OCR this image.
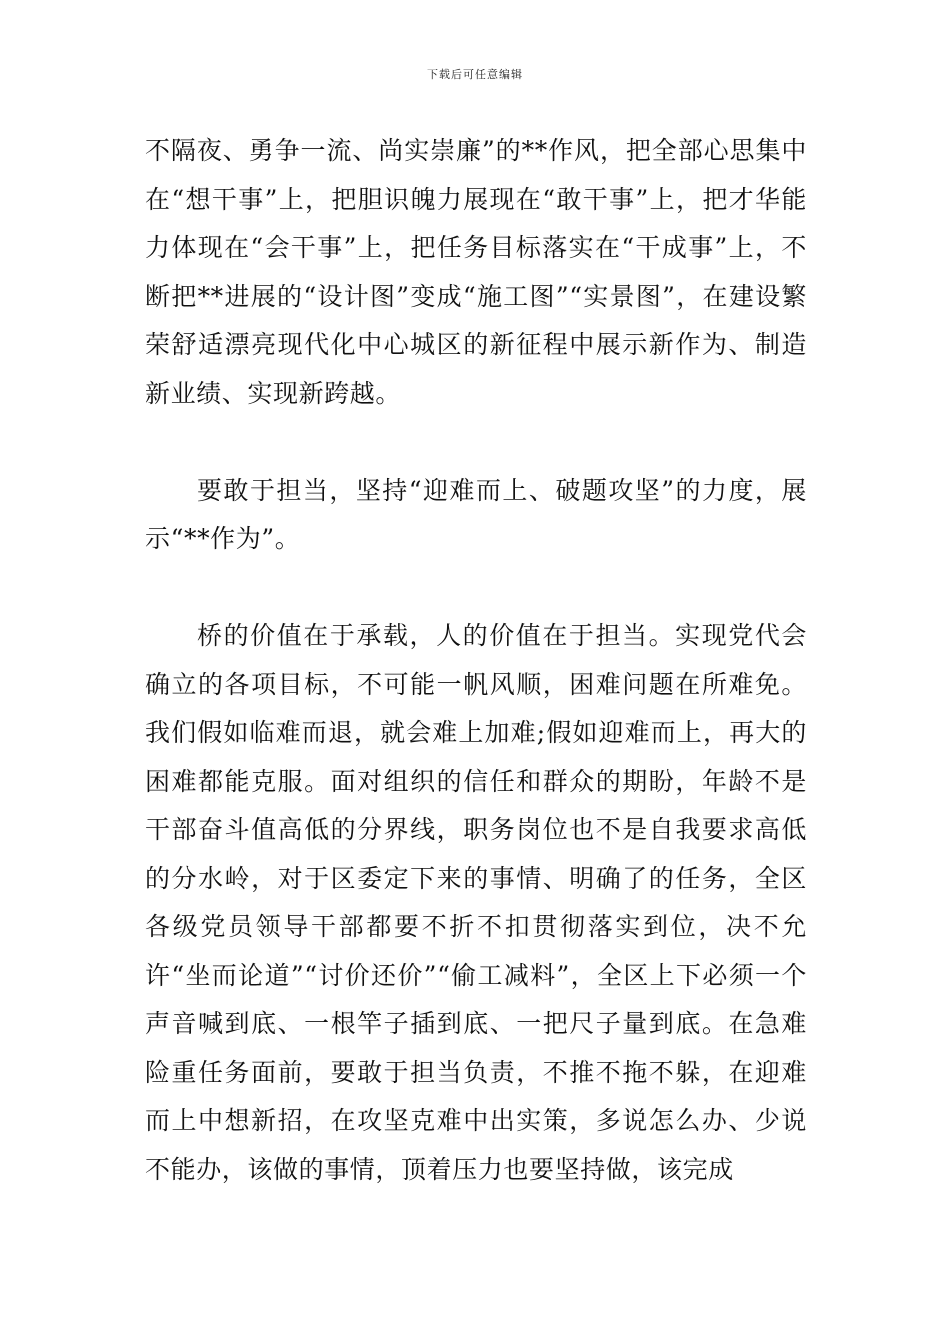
下载后可任意编辑

不隔夜、勇争一流、尚实崇廉”的**作风，把全部心思集中在“想干事”上，把胆识魄力展现在“敢干事”上，把才华能力体现在“会干事”上，把任务目标落实在“干成事”上，不断把**进展的“设计图”变成“施工图”“实景图”，在建设繁荣舒适漂亮现代化中心城区的新征程中展示新作为、制造新业绩、实现新跨越。

要敢于担当，坚持“迎难而上、破题攻坚”的力度，展示“**作为”。

桥的价值在于承载，人的价值在于担当。实现党代会确立的各项目标，不可能一帆风顺，困难问题在所难免。我们假如临难而退，就会难上加难;假如迎难而上，再大的困难都能克服。面对组织的信任和群众的期盼，年龄不是干部奋斗值高低的分界线，职务岗位也不是自我要求高低的分水岭，对于区委定下来的事情、明确了的任务，全区各级党员领导干部都要不折不扣贯彻落实到位，决不允许“坐而论道”“讨价还价”“偷工减料”，全区上下必须一个声音喊到底、一根竿子插到底、一把尺子量到底。在急难险重任务面前，要敢于担当负责，不推不拖不躲，在迎难而上中想新招，在攻坚克难中出实策，多说怎么办、少说不能办，该做的事情，顶着压力也要坚持做，该完成
